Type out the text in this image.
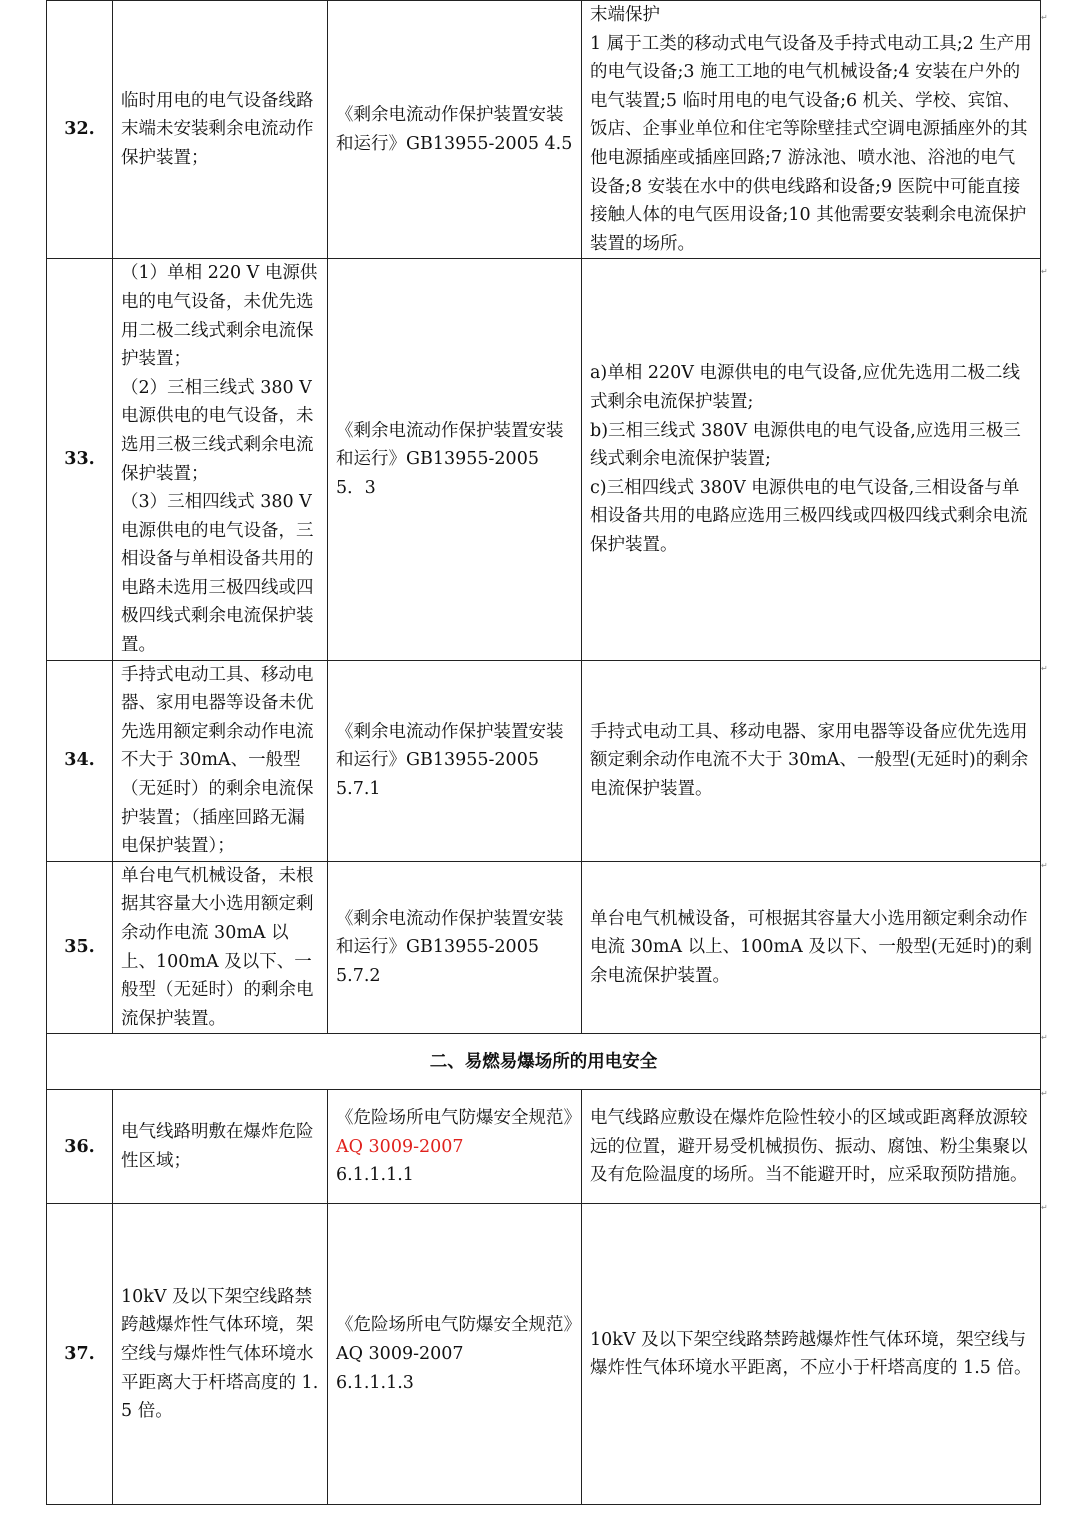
32.	临时用电的电气设备线路末端未安装剩余电流动作保护装置；	《剩余电流动作保护装置安装和运行》GB13955-2005 4.5	末端保护
1 属于工类的移动式电气设备及手持式电动工具;2 生产用的电气设备;3 施工工地的电气机械设备;4 安装在户外的电气装置;5 临时用电的电气设备;6 机关、学校、宾馆、饭店、企事业单位和住宅等除壁挂式空调电源插座外的其他电源插座或插座回路;7 游泳池、喷水池、浴池的电气设备;8 安装在水中的供电线路和设备;9 医院中可能直接接触人体的电气医用设备;10 其他需要安装剩余电流保护装置的场所。
33.	（1）单相 220 V 电源供电的电气设备，未优先选用二极二线式剩余电流保护装置；
（2）三相三线式 380 V 电源供电的电气设备，未选用三极三线式剩余电流保护装置；
（3）三相四线式 380 V 电源供电的电气设备，三相设备与单相设备共用的电路未选用三极四线或四极四线式剩余电流保护装置。	《剩余电流动作保护装置安装和运行》GB13955-2005
5．3	a)单相 220V 电源供电的电气设备,应优先选用二极二线式剩余电流保护装置;
b)三相三线式 380V 电源供电的电气设备,应选用三极三线式剩余电流保护装置;
c)三相四线式 380V 电源供电的电气设备,三相设备与单相设备共用的电路应选用三极四线或四极四线式剩余电流保护装置。
34.	手持式电动工具、移动电器、家用电器等设备未优先选用额定剩余动作电流不大于 30mA、一般型（无延时）的剩余电流保护装置；（插座回路无漏电保护装置）；	《剩余电流动作保护装置安装和运行》GB13955-2005
5.7.1	手持式电动工具、移动电器、家用电器等设备应优先选用额定剩余动作电流不大于 30mA、一般型(无延时)的剩余电流保护装置。
35.	单台电气机械设备，未根据其容量大小选用额定剩余动作电流 30mA 以上、100mA 及以下、一般型（无延时）的剩余电流保护装置。	《剩余电流动作保护装置安装和运行》GB13955-2005
5.7.2	单台电气机械设备，可根据其容量大小选用额定剩余动作电流 30mA 以上、100mA 及以下、一般型(无延时)的剩余电流保护装置。
二、易燃易爆场所的用电安全			
36.	电气线路明敷在爆炸危险性区域；	《危险场所电气防爆安全规范》AQ 3009-2007
6.1.1.1.1	电气线路应敷设在爆炸危险性较小的区域或距离释放源较远的位置，避开易受机械损伤、振动、腐蚀、粉尘集聚以及有危险温度的场所。当不能避开时，应采取预防措施。
37.	10kV 及以下架空线路禁跨越爆炸性气体环境，架空线与爆炸性气体环境水平距离大于杆塔高度的 1.5 倍。	《危险场所电气防爆安全规范》AQ 3009-2007
6.1.1.1.3	10kV 及以下架空线路禁跨越爆炸性气体环境，架空线与爆炸性气体环境水平距离，不应小于杆塔高度的 1.5 倍。
↵
↵
↵
↵
↵
↵
↵
